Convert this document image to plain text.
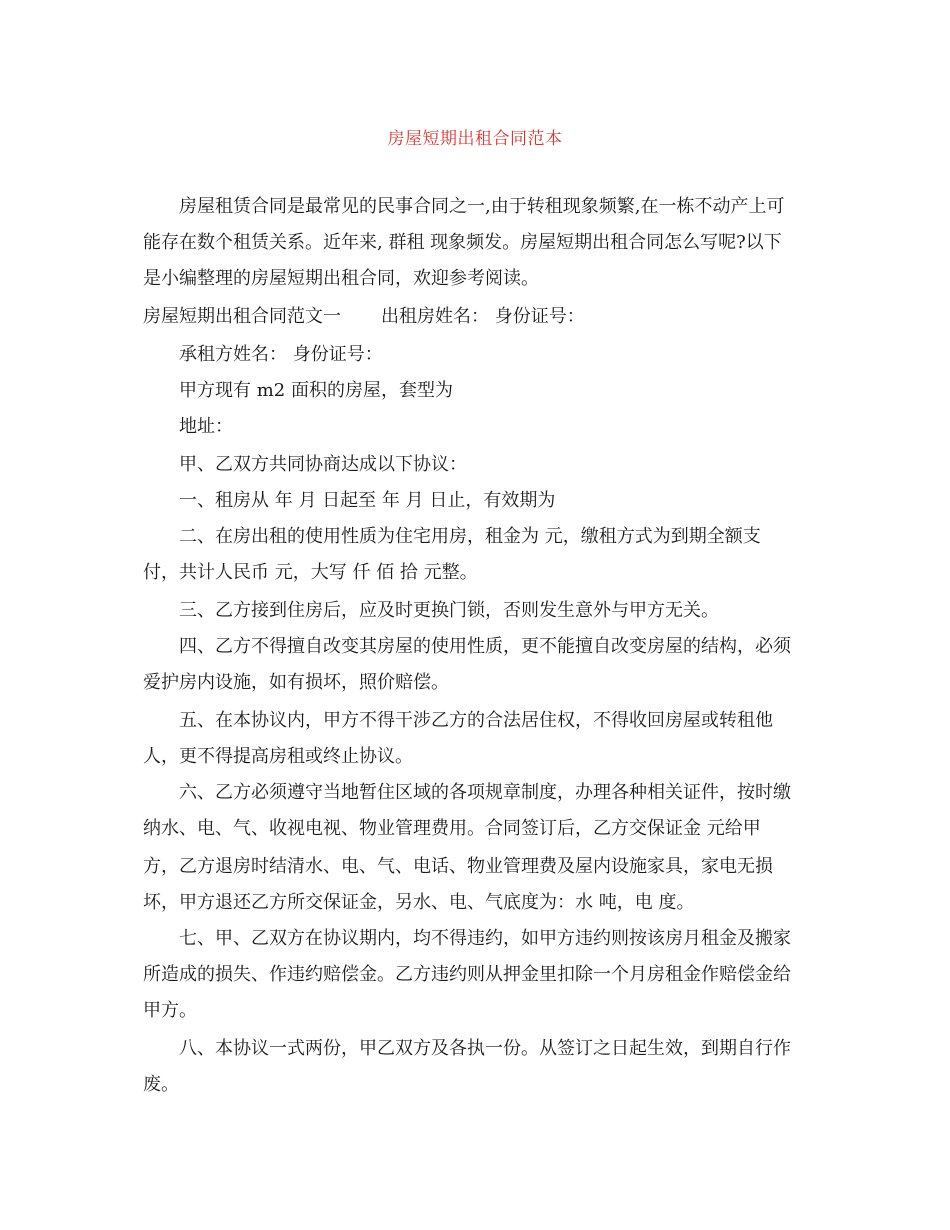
房屋短期出租合同范本
房屋租赁合同是最常见的民事合同之一,由于转租现象频繁,在一栋不动产上可
能存在数个租赁关系。近年来, 群租 现象频发。房屋短期出租合同怎么写呢?以下
是小编整理的房屋短期出租合同，欢迎参考阅读。
房屋短期出租合同范文一 出租房姓名： 身份证号：
承租方姓名： 身份证号：
甲方现有 m2 面积的房屋，套型为
地址：
甲、乙双方共同协商达成以下协议：
一、租房从 年 月 日起至 年 月 日止，有效期为
二、在房出租的使用性质为住宅用房，租金为 元，缴租方式为到期全额支
付，共计人民币 元，大写 仟 佰 拾 元整。
三、乙方接到住房后，应及时更换门锁，否则发生意外与甲方无关。
四、乙方不得擅自改变其房屋的使用性质，更不能擅自改变房屋的结构，必须
爱护房内设施，如有损坏，照价赔偿。
五、在本协议内，甲方不得干涉乙方的合法居住权，不得收回房屋或转租他
人，更不得提高房租或终止协议。
六、乙方必须遵守当地暂住区域的各项规章制度，办理各种相关证件，按时缴
纳水、电、气、收视电视、物业管理费用。合同签订后，乙方交保证金 元给甲
方，乙方退房时结清水、电、气、电话、物业管理费及屋内设施家具，家电无损
坏，甲方退还乙方所交保证金，另水、电、气底度为：水 吨，电 度。
七、甲、乙双方在协议期内，均不得违约，如甲方违约则按该房月租金及搬家
所造成的损失、作违约赔偿金。乙方违约则从押金里扣除一个月房租金作赔偿金给
甲方。
八、本协议一式两份，甲乙双方及各执一份。从签订之日起生效，到期自行作
废。
